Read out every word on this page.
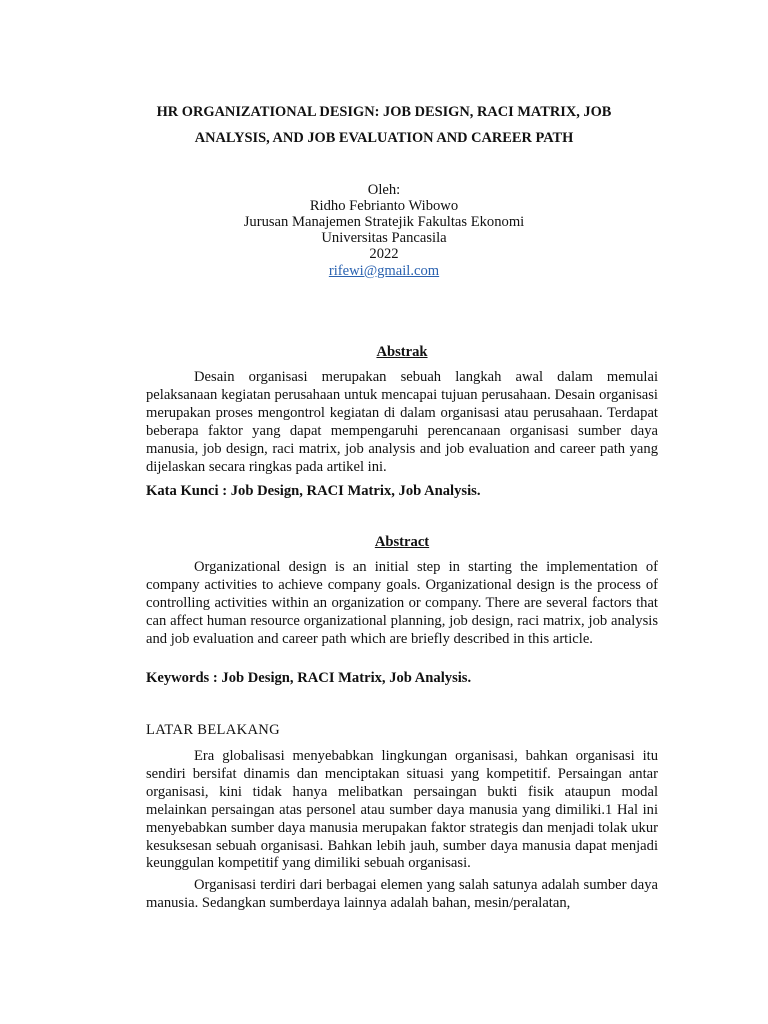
HR ORGANIZATIONAL DESIGN: JOB DESIGN, RACI MATRIX, JOB
ANALYSIS, AND JOB EVALUATION AND CAREER PATH
Oleh:
Ridho Febrianto Wibowo
Jurusan Manajemen Stratejik Fakultas Ekonomi
Universitas Pancasila
2022
rifewi@gmail.com
Abstrak

Desain organisasi merupakan sebuah langkah awal dalam memulai pelaksanaan kegiatan perusahaan untuk mencapai tujuan perusahaan. Desain organisasi merupakan proses mengontrol kegiatan di dalam organisasi atau perusahaan. Terdapat beberapa faktor yang dapat mempengaruhi perencanaan organisasi sumber daya manusia, job design, raci matrix, job analysis and job evaluation and career path yang dijelaskan secara ringkas pada artikel ini.

Kata Kunci : Job Design, RACI Matrix, Job Analysis.
Abstract

Organizational design is an initial step in starting the implementation of company activities to achieve company goals. Organizational design is the process of controlling activities within an organization or company. There are several factors that can affect human resource organizational planning, job design, raci matrix, job analysis and job evaluation and career path which are briefly described in this article.

Keywords : Job Design, RACI Matrix, Job Analysis.
LATAR BELAKANG

Era globalisasi menyebabkan lingkungan organisasi, bahkan organisasi itu sendiri bersifat dinamis dan menciptakan situasi yang kompetitif. Persaingan antar organisasi, kini tidak hanya melibatkan persaingan bukti fisik ataupun modal melainkan persaingan atas personel atau sumber daya manusia yang dimiliki.1 Hal ini menyebabkan sumber daya manusia merupakan faktor strategis dan menjadi tolak ukur kesuksesan sebuah organisasi. Bahkan lebih jauh, sumber daya manusia dapat menjadi keunggulan kompetitif yang dimiliki sebuah organisasi.

Organisasi terdiri dari berbagai elemen yang salah satunya adalah sumber daya manusia. Sedangkan sumberdaya lainnya adalah bahan, mesin/peralatan,
